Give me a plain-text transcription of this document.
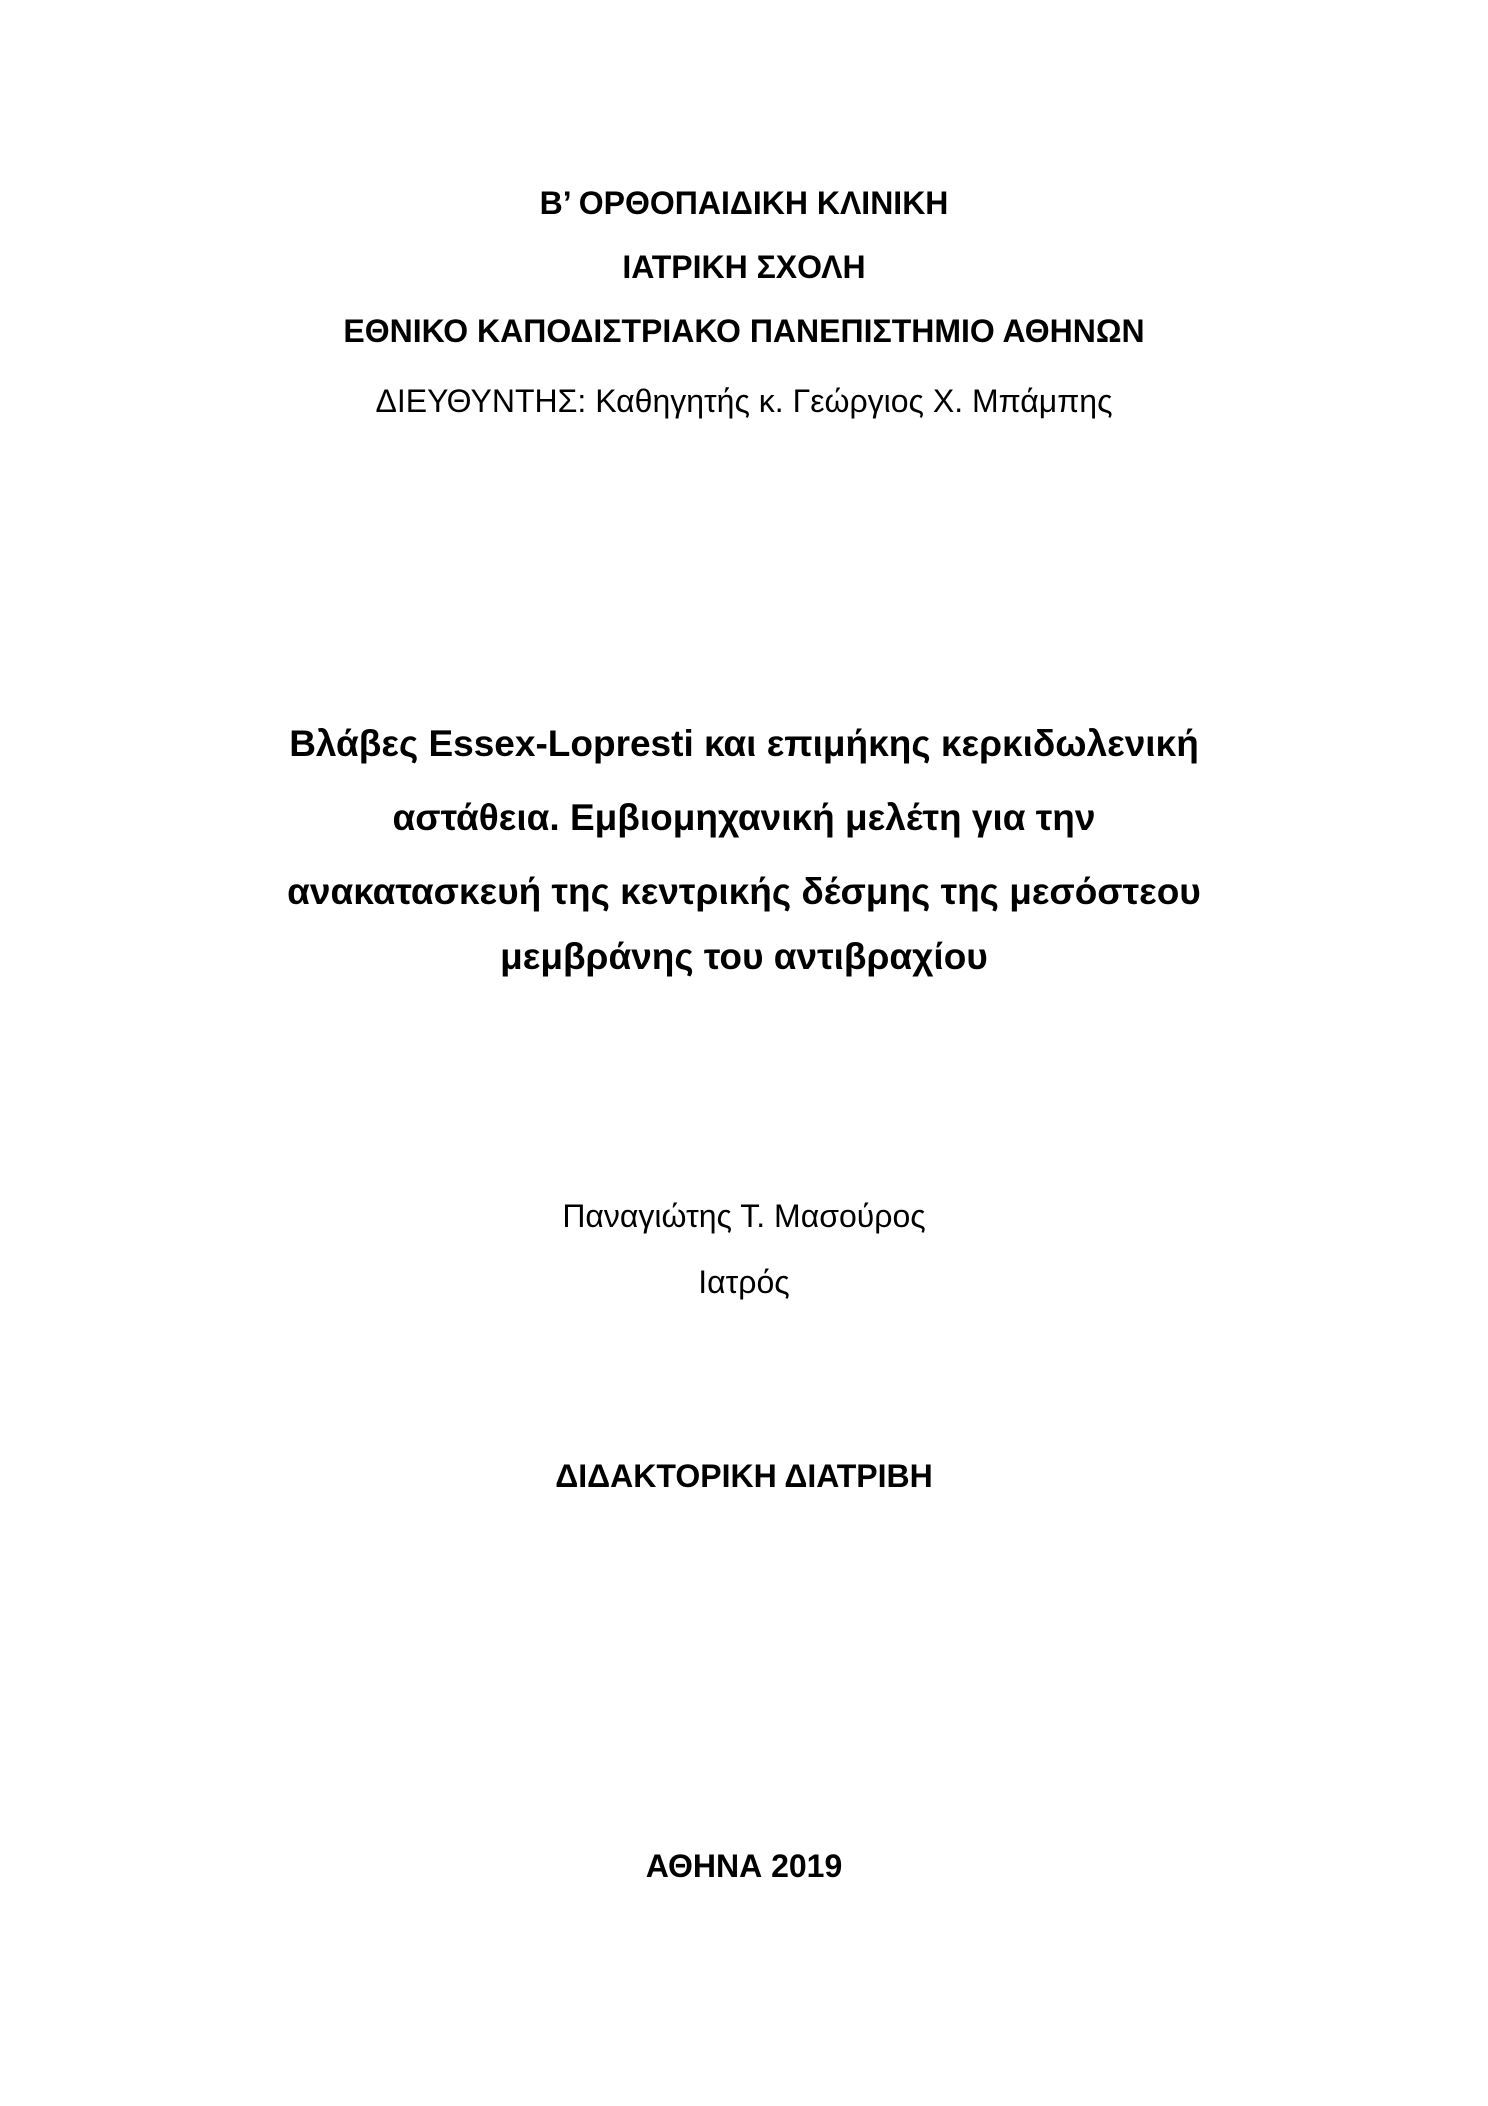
Β’ ΟΡΘΟΠΑΙΔΙΚΗ ΚΛΙΝΙΚΗ
ΙΑΤΡΙΚΗ ΣΧΟΛΗ
ΕΘΝΙΚΟ ΚΑΠΟΔΙΣΤΡΙΑΚΟ ΠΑΝΕΠΙΣΤΗΜΙΟ ΑΘΗΝΩΝ
ΔΙΕΥΘΥΝΤΗΣ: Καθηγητής κ. Γεώργιος Χ. Μπάμπης
Βλάβες Essex-Lopresti και επιμήκης κερκιδωλενική
αστάθεια. Εμβιομηχανική μελέτη για την
ανακατασκευή της κεντρικής δέσμης της μεσόστεου
μεμβράνης του αντιβραχίου
Παναγιώτης Τ. Μασούρος
Ιατρός
ΔΙΔΑΚΤΟΡΙΚΗ ΔΙΑΤΡΙΒΗ
ΑΘΗΝΑ 2019
